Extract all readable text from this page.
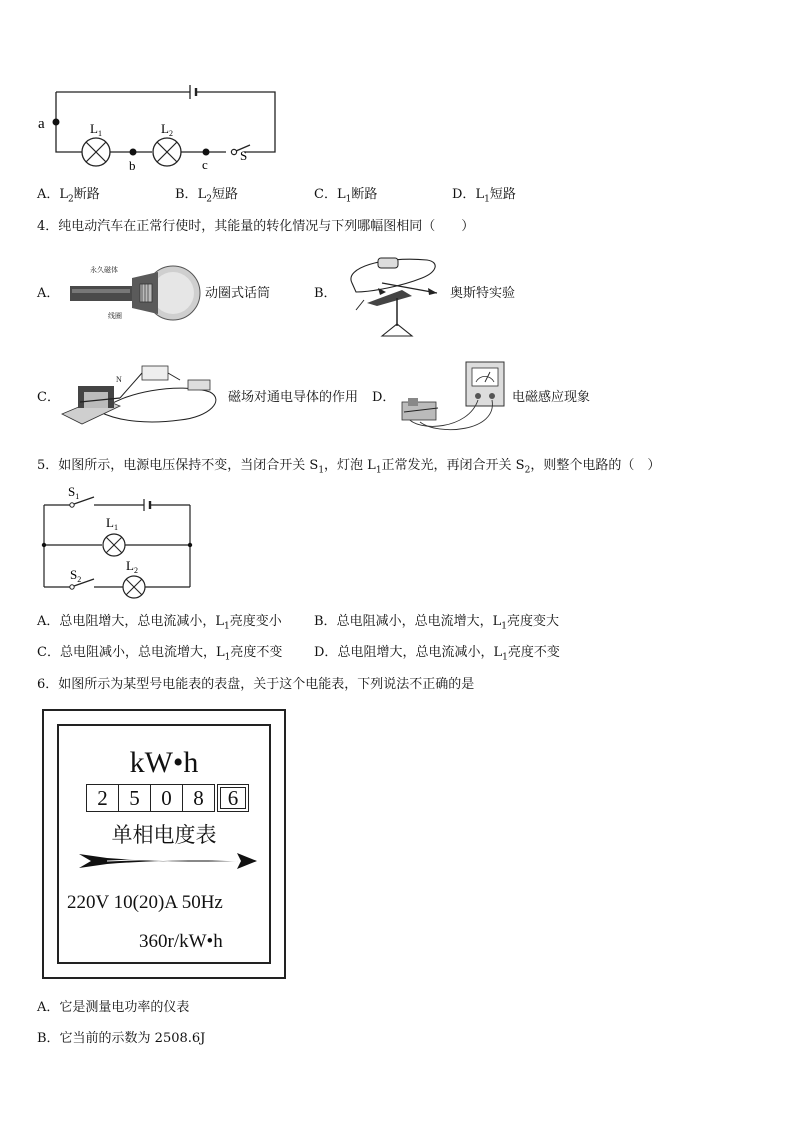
a	$L_1$	$L_2$
b	c
S
A．$L_2$断路	B．$L_2$短路	C．$L_1$断路	D．$L_1$短路
4．纯电动汽车在正常行使时，其能量的转化情况与下列哪幅图相同（　　）
A．
永久磁体
线圈
动圈式话筒	B．	奥斯特实验
C．
N
磁场对通电导体的作用 D．	电磁感应现象
5．如图所示，电源电压保持不变，当闭合开关 $S_1$，灯泡 $L_1$正常发光，再闭合开关 $S_2$，则整个电路的（　）
$S_1$
$L_1$
$S_2$
$L_2$
A．总电阻增大，总电流减小，$L_1$亮度变小 B．总电阻减小，总电流增大，$L_1$亮度变大
C．总电阻减小，总电流增大，$L_1$亮度不变 D．总电阻增大，总电流减小，$L_1$亮度不变
6．如图所示为某型号电能表的表盘，关于这个电能表，下列说法不正确的是
kW•h
2	5	0	8	6
单相电度表
220V 10(20)A 50Hz
360r/kW•h
A．它是测量电功率的仪表
B．它当前的示数为 2508.6J
